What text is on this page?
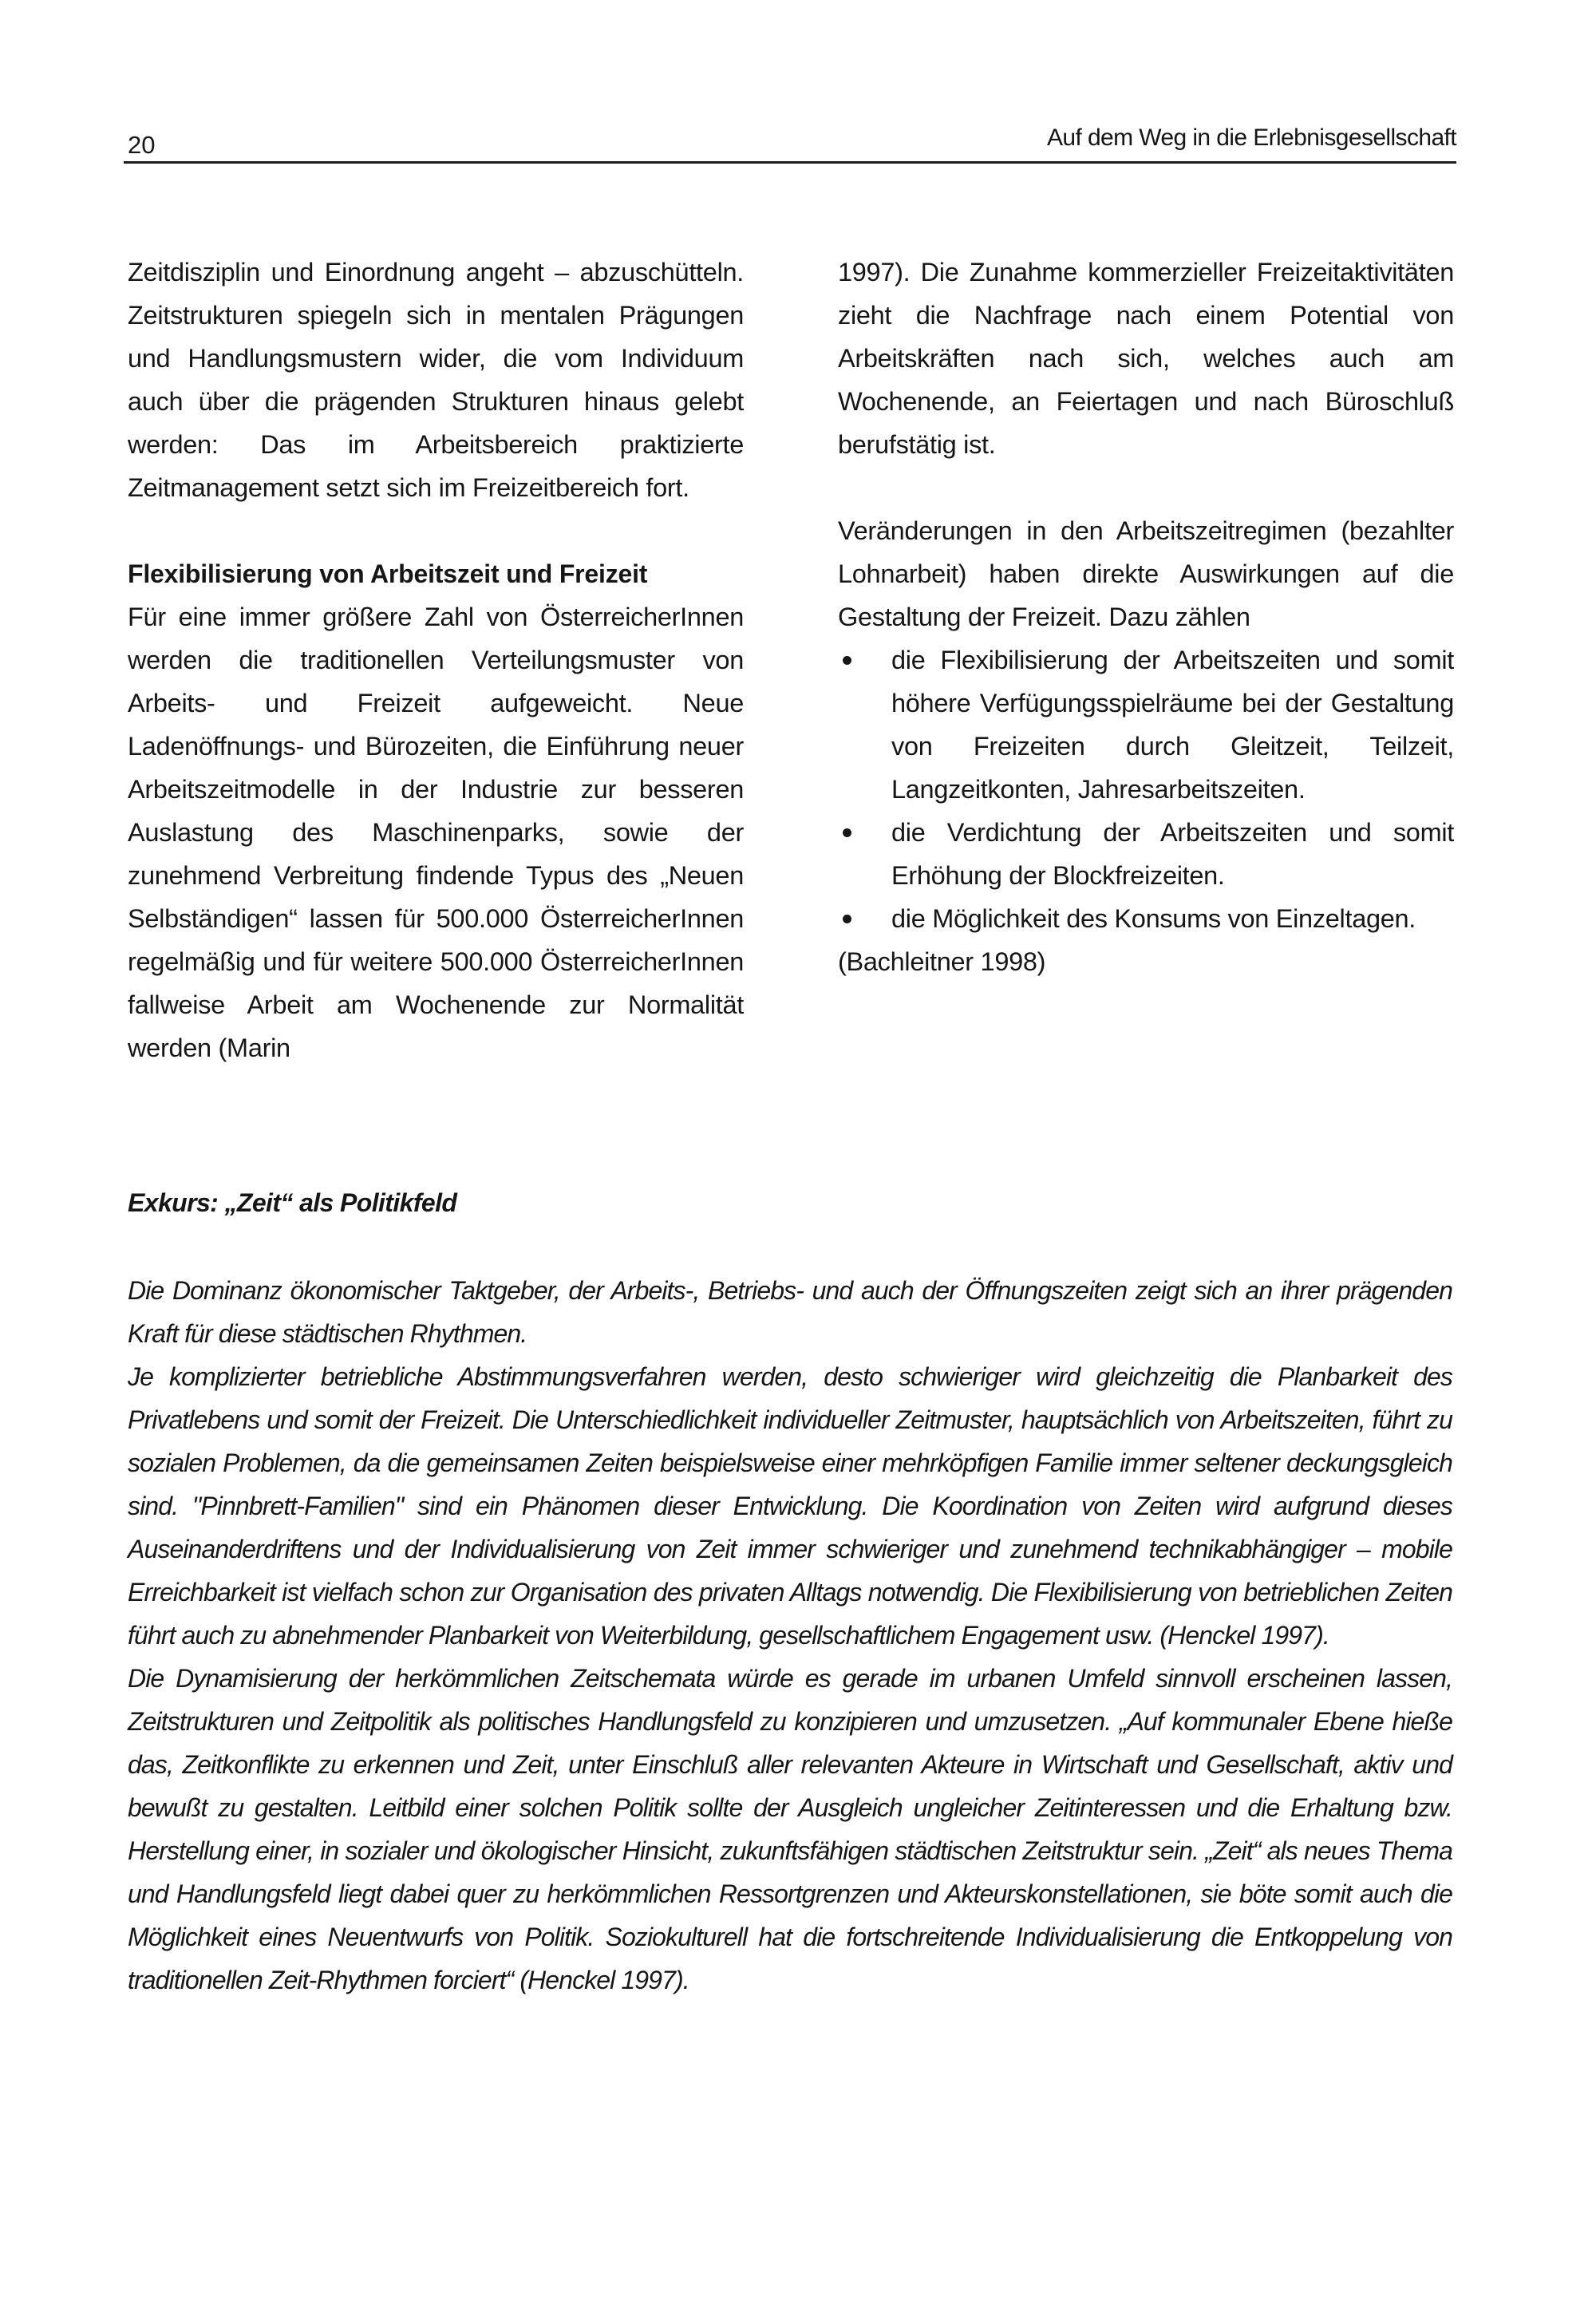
20	Auf dem Weg in die Erlebnisgesellschaft

Zeitdisziplin und Einordnung angeht – abzuschütteln. Zeitstrukturen spiegeln sich in mentalen Prägungen und Handlungsmustern wider, die vom Individuum auch über die prägenden Strukturen hinaus gelebt werden: Das im Arbeitsbereich praktizierte Zeitmanagement setzt sich im Freizeitbereich fort.

Flexibilisierung von Arbeitszeit und Freizeit

Für eine immer größere Zahl von ÖsterreicherInnen werden die traditionellen Verteilungsmuster von Arbeits- und Freizeit aufgeweicht. Neue Ladenöffnungs- und Bürozeiten, die Einführung neuer Arbeitszeitmodelle in der Industrie zur besseren Auslastung des Maschinenparks, sowie der zunehmend Verbreitung findende Typus des „Neuen Selbständigen“ lassen für 500.000 ÖsterreicherInnen regelmäßig und für weitere 500.000 ÖsterreicherInnen fallweise Arbeit am Wochenende zur Normalität werden (Marin

1997). Die Zunahme kommerzieller Freizeitaktivitäten zieht die Nachfrage nach einem Potential von Arbeitskräften nach sich, welches auch am Wochenende, an Feiertagen und nach Büroschluß berufstätig ist.

Veränderungen in den Arbeitszeitregimen (bezahlter Lohnarbeit) haben direkte Auswirkungen auf die Gestaltung der Freizeit. Dazu zählen

die Flexibilisierung der Arbeitszeiten und somit höhere Verfügungsspielräume bei der Gestaltung von Freizeiten durch Gleitzeit, Teilzeit, Langzeitkonten, Jahresarbeitszeiten.
die Verdichtung der Arbeitszeiten und somit Erhöhung der Blockfreizeiten.
die Möglichkeit des Konsums von Einzeltagen.

(Bachleitner 1998)

Exkurs: „Zeit“ als Politikfeld

Die Dominanz ökonomischer Taktgeber, der Arbeits-, Betriebs- und auch der Öffnungszeiten zeigt sich an ihrer prägenden Kraft für diese städtischen Rhythmen.

Je komplizierter betriebliche Abstimmungsverfahren werden, desto schwieriger wird gleichzeitig die Planbarkeit des Privatlebens und somit der Freizeit. Die Unterschiedlichkeit individueller Zeitmuster, hauptsächlich von Arbeitszeiten, führt zu sozialen Problemen, da die gemeinsamen Zeiten beispielsweise einer mehrköpfigen Familie immer seltener deckungsgleich sind. "Pinnbrett-Familien" sind ein Phänomen dieser Entwicklung. Die Koordination von Zeiten wird aufgrund dieses Auseinanderdriftens und der Individualisierung von Zeit immer schwieriger und zunehmend technikabhängiger – mobile Erreichbarkeit ist vielfach schon zur Organisation des privaten Alltags notwendig. Die Flexibilisierung von betrieblichen Zeiten führt auch zu abnehmender Planbarkeit von Weiterbildung, gesellschaftlichem Engagement usw. (Henckel 1997).

Die Dynamisierung der herkömmlichen Zeitschemata würde es gerade im urbanen Umfeld sinnvoll erscheinen lassen, Zeitstrukturen und Zeitpolitik als politisches Handlungsfeld zu konzipieren und umzusetzen. „Auf kommunaler Ebene hieße das, Zeitkonflikte zu erkennen und Zeit, unter Einschluß aller relevanten Akteure in Wirtschaft und Gesellschaft, aktiv und bewußt zu gestalten. Leitbild einer solchen Politik sollte der Ausgleich ungleicher Zeitinteressen und die Erhaltung bzw. Herstellung einer, in sozialer und ökologischer Hinsicht, zukunftsfähigen städtischen Zeitstruktur sein. „Zeit“ als neues Thema und Handlungsfeld liegt dabei quer zu herkömmlichen Ressortgrenzen und Akteurskonstellationen, sie böte somit auch die Möglichkeit eines Neuentwurfs von Politik. Soziokulturell hat die fortschreitende Individualisierung die Entkoppelung von traditionellen Zeit-Rhythmen forciert“ (Henckel 1997).
